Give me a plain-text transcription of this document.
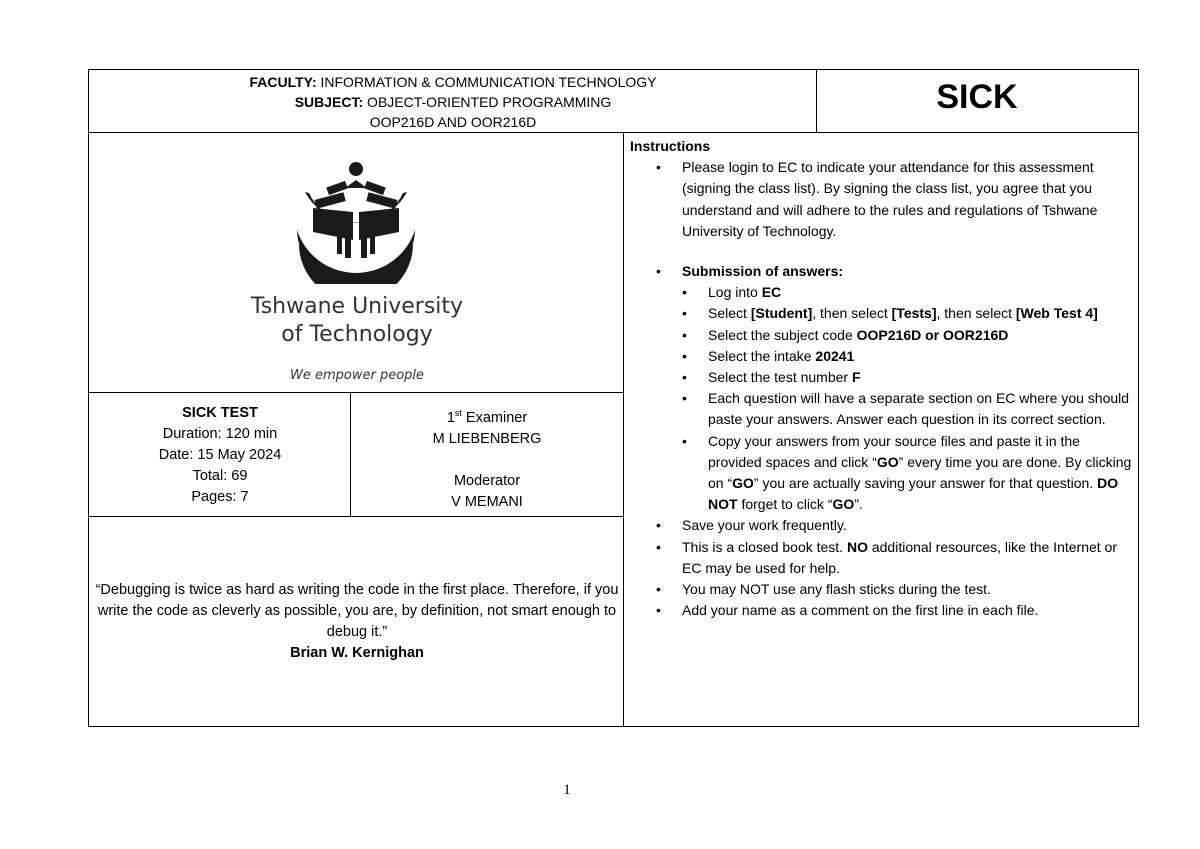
FACULTY: INFORMATION & COMMUNICATION TECHNOLOGY
SUBJECT: OBJECT-ORIENTED PROGRAMMING
OOP216D AND OOR216D
SICK
Tshwane University
of Technology
We empower people
SICK TEST
Duration: 120 min
Date: 15 May 2024
Total: 69
Pages: 7
1st Examiner
M LIEBENBERG
Moderator
V MEMANI
“Debugging is twice as hard as writing the code in the first place. Therefore, if you write the code as cleverly as possible, you are, by definition, not smart enough to debug it.”
Brian W. Kernighan
Instructions
• Please login to EC to indicate your attendance for this assessment (signing the class list). By signing the class list, you agree that you understand and will adhere to the rules and regulations of Tshwane University of Technology.
• Submission of answers:
• Log into EC
• Select [Student], then select [Tests], then select [Web Test 4]
• Select the subject code OOP216D or OOR216D
• Select the intake 20241
• Select the test number F
• Each question will have a separate section on EC where you should paste your answers. Answer each question in its correct section.
• Copy your answers from your source files and paste it in the provided spaces and click “GO” every time you are done. By clicking on “GO” you are actually saving your answer for that question. DO NOT forget to click “GO”.
• Save your work frequently.
• This is a closed book test. NO additional resources, like the Internet or EC may be used for help.
• You may NOT use any flash sticks during the test.
• Add your name as a comment on the first line in each file.
1
